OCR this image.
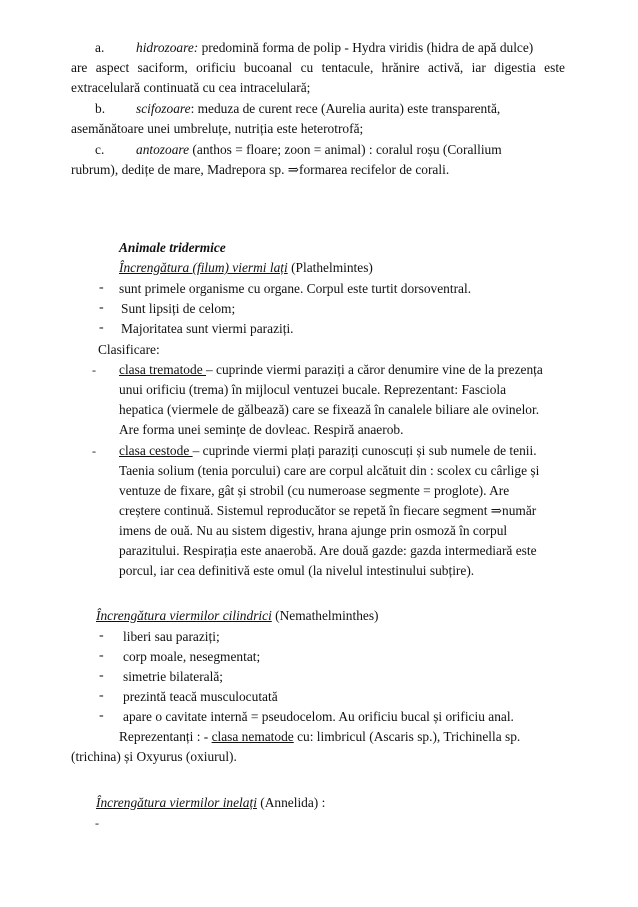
a. hidrozoare: predomină forma de polip - Hydra viridis (hidra de apă dulce)

are aspect saciform, orificiu bucoanal cu tentacule, hrănire activă, iar digestia este extracelulară continuată cu cea intracelulară;

b. scifozoare: meduza de curent rece (Aurelia aurita) este transparentă,

asemănătoare unei umbreluțe, nutriția este heterotrofă;

c. antozoare (anthos = floare; zoon = animal) : coralul roșu (Corallium

rubrum), dedițe de mare, Madrepora sp. ⇒formarea recifelor de corali.

Animale tridermice
Încrengătura (filum) viermi lați (Plathelmintes)
- sunt primele organisme cu organe. Corpul este turtit dorsoventral.
- Sunt lipsiți de celom;
- Majoritatea sunt viermi paraziți.
Clasificare:
- clasa trematode – cuprinde viermi paraziți a căror denumire vine de la prezența
unui orificiu (trema) în mijlocul ventuzei bucale. Reprezentant: Fasciola
hepatica (viermele de gălbează) care se fixează în canalele biliare ale ovinelor.
Are forma unei semințe de dovleac. Respiră anaerob.
- clasa cestode – cuprinde viermi plați paraziți cunoscuți și sub numele de tenii.
Taenia solium (tenia porcului) care are corpul alcătuit din : scolex cu cârlige și
ventuze de fixare, gât și strobil (cu numeroase segmente = proglote). Are
creștere continuă. Sistemul reproducător se repetă în fiecare segment ⇒număr
imens de ouă. Nu au sistem digestiv, hrana ajunge prin osmoză în corpul
parazitului. Respirația este anaerobă. Are două gazde: gazda intermediară este
porcul, iar cea definitivă este omul (la nivelul intestinului subțire).
Încrengătura viermilor cilindrici (Nemathelminthes)
- liberi sau paraziți;
- corp moale, nesegmentat;
- simetrie bilaterală;
- prezintă teacă musculocutată
- apare o cavitate internă = pseudocelom. Au orificiu bucal și orificiu anal.
Reprezentanți : - clasa nematode cu: limbricul (Ascaris sp.), Trichinella sp.
(trichina) și Oxyurus (oxiurul).
Încrengătura viermilor inelați (Annelida) :
-
